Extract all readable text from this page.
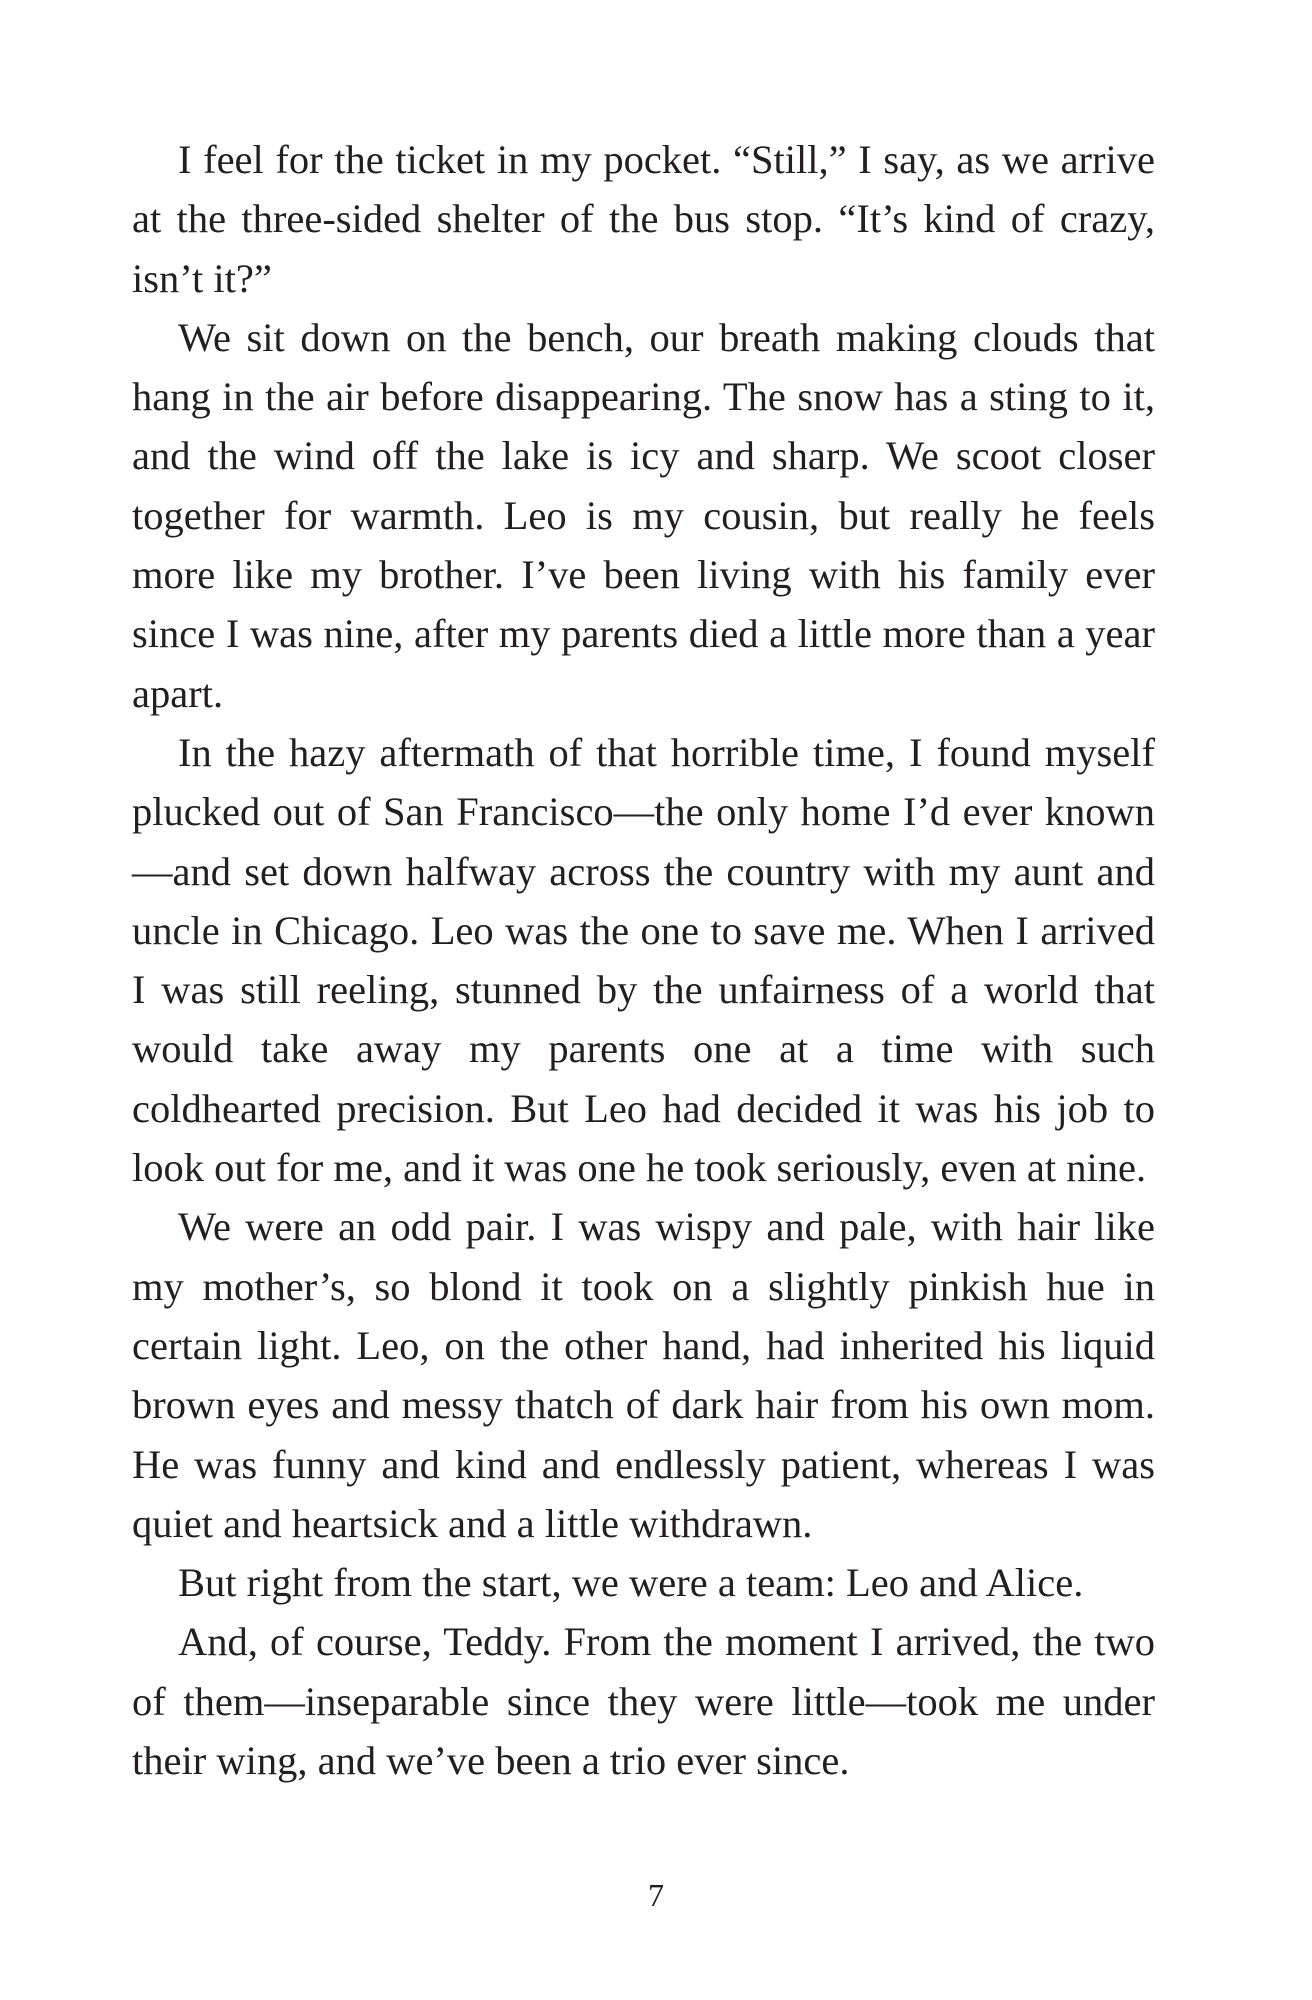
I feel for the ticket in my pocket. “Still,” I say, as we arrive at the three-sided shelter of the bus stop. “It’s kind of crazy, isn’t it?”

We sit down on the bench, our breath making clouds that hang in the air before disappearing. The snow has a sting to it, and the wind off the lake is icy and sharp. We scoot closer together for warmth. Leo is my cousin, but really he feels more like my brother. I’ve been living with his family ever since I was nine, after my parents died a little more than a year apart.

In the hazy aftermath of that horrible time, I found myself plucked out of San Francisco—the only home I’d ever known—and set down halfway across the country with my aunt and uncle in Chicago. Leo was the one to save me. When I arrived I was still reeling, stunned by the unfairness of a world that would take away my parents one at a time with such coldhearted precision. But Leo had decided it was his job to look out for me, and it was one he took seriously, even at nine.

We were an odd pair. I was wispy and pale, with hair like my mother’s, so blond it took on a slightly pinkish hue in certain light. Leo, on the other hand, had inherited his liquid brown eyes and messy thatch of dark hair from his own mom. He was funny and kind and endlessly patient, whereas I was quiet and heartsick and a little withdrawn.

But right from the start, we were a team: Leo and Alice.

And, of course, Teddy. From the moment I arrived, the two of them—inseparable since they were little—took me under their wing, and we’ve been a trio ever since.

7
